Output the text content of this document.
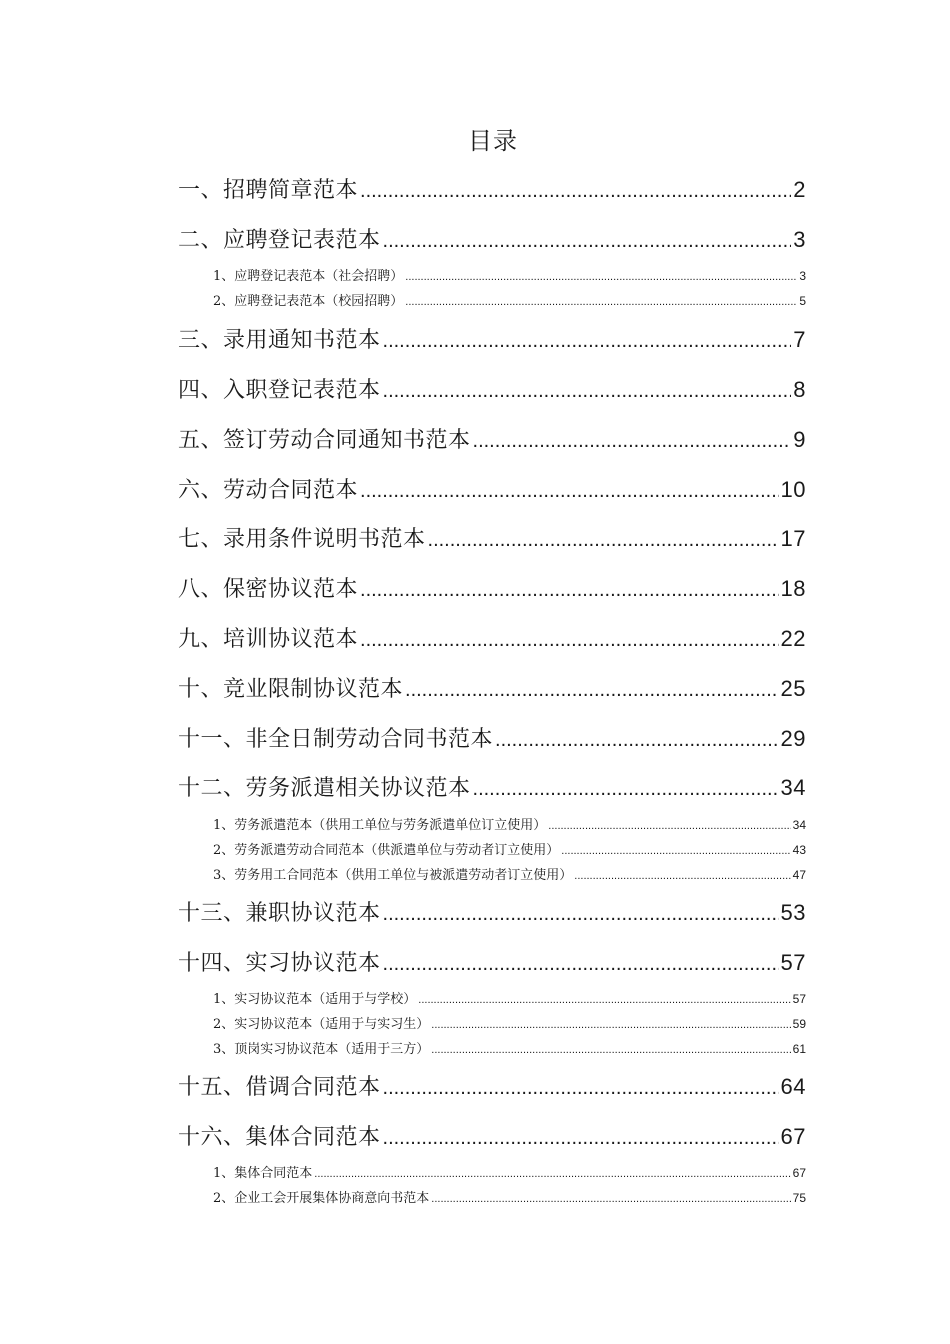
目录
一、招聘简章范本 .....	2
二、应聘登记表范本 .....	3
1、应聘登记表范本（社会招聘） .....	3
2、应聘登记表范本（校园招聘） .....	5
三、录用通知书范本 .....	7
四、入职登记表范本 .....	8
五、签订劳动合同通知书范本 .....	9
六、劳动合同范本 .....	10
七、录用条件说明书范本 .....	17
八、保密协议范本 .....	18
九、培训协议范本 .....	22
十、竞业限制协议范本 .....	25
十一、非全日制劳动合同书范本 .....	29
十二、劳务派遣相关协议范本 .....	34
1、劳务派遣范本（供用工单位与劳务派遣单位订立使用） .....	34
2、劳务派遣劳动合同范本（供派遣单位与劳动者订立使用） .....	43
3、劳务用工合同范本（供用工单位与被派遣劳动者订立使用） .....	47
十三、兼职协议范本 .....	53
十四、实习协议范本 .....	57
1、实习协议范本（适用于与学校） .....	57
2、实习协议范本（适用于与实习生） .....	59
3、顶岗实习协议范本（适用于三方） .....	61
十五、借调合同范本 .....	64
十六、集体合同范本 .....	67
1、集体合同范本 .....	67
2、企业工会开展集体协商意向书范本 .....	75
